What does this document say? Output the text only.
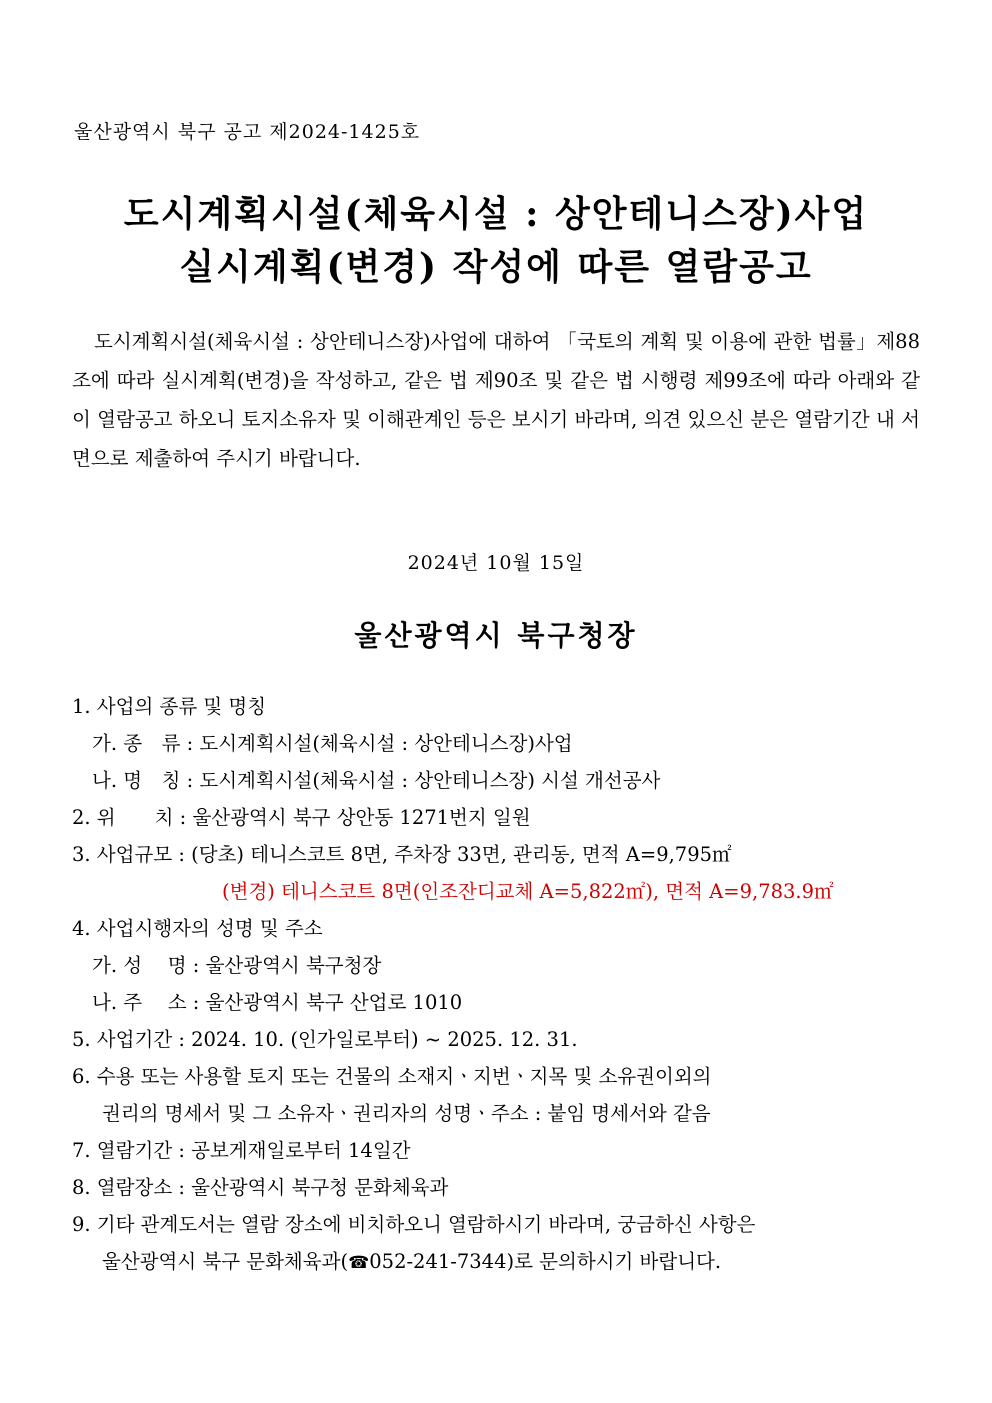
울산광역시 북구 공고 제2024-1425호
도시계획시설(체육시설 : 상안테니스장)사업
실시계획(변경) 작성에 따른 열람공고
도시계획시설(체육시설 : 상안테니스장)사업에 대하여 「국토의 계획 및 이용에 관한 법률」제88조에 따라 실시계획(변경)을 작성하고, 같은 법 제90조 및 같은 법 시행령 제99조에 따라 아래와 같이 열람공고 하오니 토지소유자 및 이해관계인 등은 보시기 바라며, 의견 있으신 분은 열람기간 내 서면으로 제출하여 주시기 바랍니다.
2024년 10월 15일
울산광역시 북구청장
1. 사업의 종류 및 명칭
가. 종　류 : 도시계획시설(체육시설 : 상안테니스장)사업
나. 명　칭 : 도시계획시설(체육시설 : 상안테니스장) 시설 개선공사
2. 위　　치 : 울산광역시 북구 상안동 1271번지 일원
3. 사업규모 : (당초) 테니스코트 8면, 주차장 33면, 관리동, 면적 A=9,795㎡
(변경) 테니스코트 8면(인조잔디교체 A=5,822㎡), 면적 A=9,783.9㎡
4. 사업시행자의 성명 및 주소
가. 성　 명 : 울산광역시 북구청장
나. 주　 소 : 울산광역시 북구 산업로 1010
5. 사업기간 : 2024. 10. (인가일로부터) ~ 2025. 12. 31.
6. 수용 또는 사용할 토지 또는 건물의 소재지ㆍ지번ㆍ지목 및 소유권이외의
권리의 명세서 및 그 소유자ㆍ권리자의 성명ㆍ주소 : 붙임 명세서와 같음
7. 열람기간 : 공보게재일로부터 14일간
8. 열람장소 : 울산광역시 북구청 문화체육과
9. 기타 관계도서는 열람 장소에 비치하오니 열람하시기 바라며, 궁금하신 사항은
울산광역시 북구 문화체육과(☎052-241-7344)로 문의하시기 바랍니다.
